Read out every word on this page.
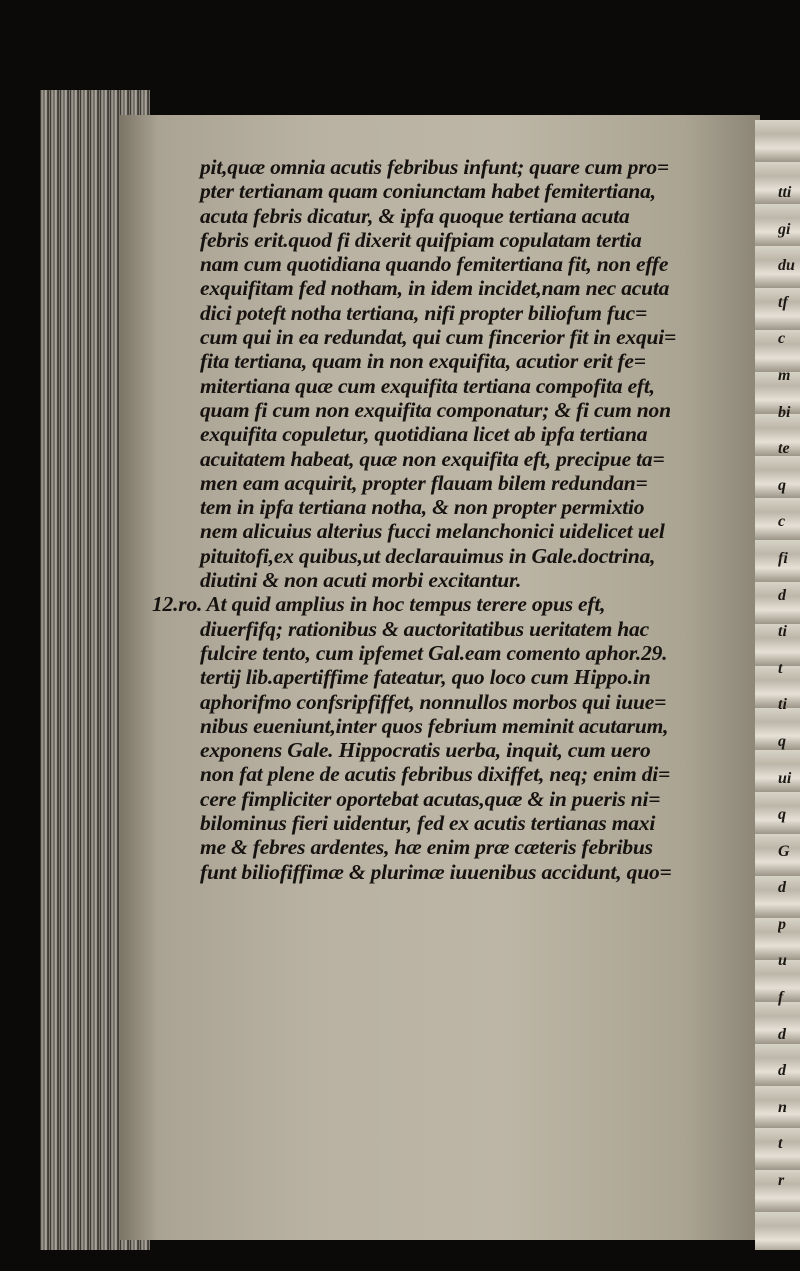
tti
gi
du
tf
c
m
bi
te
q
c
fi
d
ti
t
ti
q
ui
q
G
d
p
u
f
d
d
n
t
r
pit,quæ omnia acutis febribus infunt; quare cum pro=
pter tertianam quam coniunctam habet femitertiana,
acuta febris dicatur, & ipfa quoque tertiana acuta
febris erit.quod fi dixerit quifpiam copulatam tertia
nam cum quotidiana quando femitertiana fit, non effe
exquifitam fed notham, in idem incidet,nam nec acuta
dici poteft notha tertiana, nifi propter biliofum fuc=
cum qui in ea redundat, qui cum fincerior fit in exqui=
fita tertiana, quam in non exquifita, acutior erit fe=
mitertiana quæ cum exquifita tertiana compofita eft,
quam fi cum non exquifita componatur; & fi cum non
exquifita copuletur, quotidiana licet ab ipfa tertiana
acuitatem habeat, quæ non exquifita eft, precipue ta=
men eam acquirit, propter flauam bilem redundan=
tem in ipfa tertiana notha, & non propter permixtio
nem alicuius alterius fucci melanchonici uidelicet uel
pituitofi,ex quibus,ut declarauimus in Gale.doctrina,
diutini & non acuti morbi excitantur.
12.ro. At quid amplius in hoc tempus terere opus eft,
diuerfifq; rationibus & auctoritatibus ueritatem hac
fulcire tento, cum ipfemet Gal.eam comento aphor.29.
tertij lib.apertiffime fateatur, quo loco cum Hippo.in
aphorifmo confsripfiffet, nonnullos morbos qui iuue=
nibus eueniunt,inter quos febrium meminit acutarum,
exponens Gale. Hippocratis uerba, inquit, cum uero
non fat plene de acutis febribus dixiffet, neq; enim di=
cere fimpliciter oportebat acutas,quæ & in pueris ni=
bilominus fieri uidentur, fed ex acutis tertianas maxi
me & febres ardentes, hæ enim præ cæteris febribus
funt biliofiffimæ & plurimæ iuuenibus accidunt, quo=
